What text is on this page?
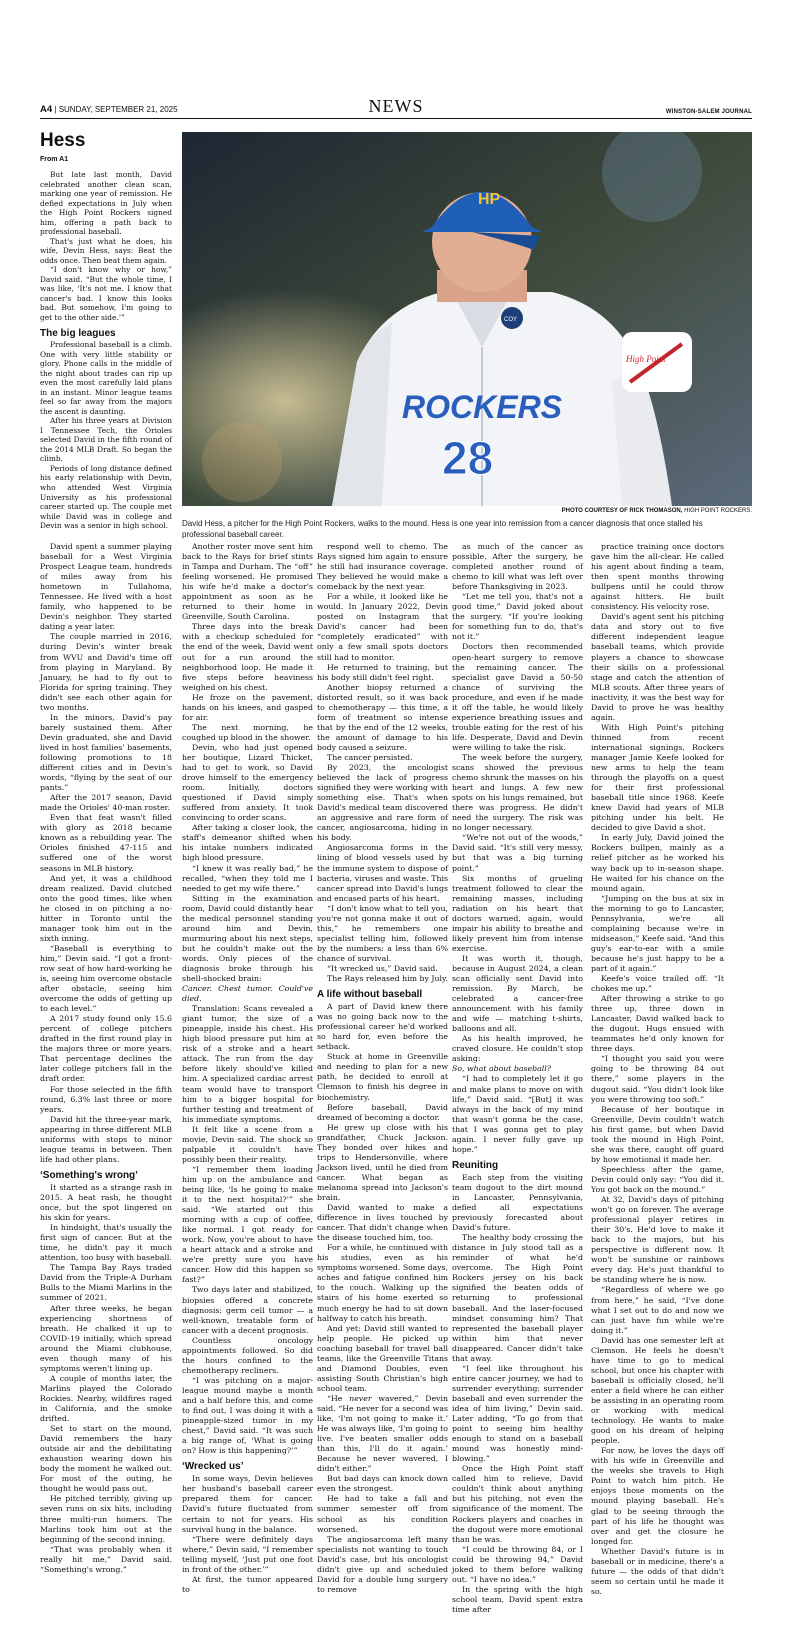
A4 | SUNDAY, SEPTEMBER 21, 2025	NEWS	WINSTON-SALEM JOURNAL
Hess
From A1
HP
ROCKERS
28
COY
High Point
PHOTO COURTESY OF RICK THOMASON, HIGH POINT ROCKERS.
David Hess, a pitcher for the High Point Rockers, walks to the mound. Hess is one year into remission from a cancer diagnosis that once stalled his professional baseball career.

But late last month, David celebrated another clean scan, marking one year of remission. He defied expectations in July when the High Point Rockers signed him, offering a path back to professional baseball.

That's just what he does, his wife, Devin Hess, says: Beat the odds once. Then beat them again.

“I don't know why or how,” David said. “But the whole time, I was like, ‘It's not me. I know that cancer's bad. I know this looks bad. But somehow, I'm going to get to the other side.’”

The big leagues

Professional baseball is a climb. One with very little stability or glory. Phone calls in the middle of the night about trades can rip up even the most carefully laid plans in an instant. Minor league teams feel so far away from the majors the ascent is daunting.

After his three years at Division I Tennessee Tech, the Orioles selected David in the fifth round of the 2014 MLB Draft. So began the climb.

Periods of long distance defined his early relationship with Devin, who attended West Virginia University as his professional career started up. The couple met while David was in college and Devin was a senior in high school.

David spent a summer playing baseball for a West Virginia Prospect League team, hundreds of miles away from his hometown in Tullahoma, Tennessee. He lived with a host family, who happened to be Devin's neighbor. They started dating a year later.

The couple married in 2016, during Devin's winter break from WVU and David's time off from playing in Maryland. By January, he had to fly out to Florida for spring training. They didn't see each other again for two months.

In the minors, David's pay barely sustained them. After Devin graduated, she and David lived in host families' basements, following promotions to 18 different cities and in Devin's words, “flying by the seat of our pants.”

After the 2017 season, David made the Orioles' 40-man roster.

Even that feat wasn't filled with glory as 2018 became known as a rebuilding year. The Orioles finished 47-115 and suffered one of the worst seasons in MLB history.

And yet, it was a childhood dream realized. David clutched onto the good times, like when he closed in on pitching a no-hitter in Toronto until the manager took him out in the sixth inning.

“Baseball is everything to him,” Devin said. “I got a front-row seat of how hard-working he is, seeing him overcome obstacle after obstacle, seeing him overcome the odds of getting up to each level.”

A 2017 study found only 15.6 percent of college pitchers drafted in the first round play in the majors three or more years. That percentage declines the later college pitchers fall in the draft order.

For those selected in the fifth round, 6.3% last three or more years.

David hit the three-year mark, appearing in three different MLB uniforms with stops to minor league teams in between. Then life had other plans.

‘Something's wrong’

It started as a strange rash in 2015. A heat rash, he thought once, but the spot lingered on his skin for years.

In hindsight, that's usually the first sign of cancer. But at the time, he didn't pay it much attention, too busy with baseball.

The Tampa Bay Rays traded David from the Triple-A Durham Bulls to the Miami Marlins in the summer of 2021.

After three weeks, he began experiencing shortness of breath. He chalked it up to COVID-19 initially, which spread around the Miami clubhouse, even though many of his symptoms weren't lining up.

A couple of months later, the Marlins played the Colorado Rockies. Nearby, wildfires raged in California, and the smoke drifted.

Set to start on the mound, David remembers the hazy outside air and the debilitating exhaustion wearing down his body the moment he walked out. For most of the outing, he thought he would pass out.

He pitched terribly, giving up seven runs on six hits, including three multi-run homers. The Marlins took him out at the beginning of the second inning.

“That was probably when it really hit me,” David said. “Something's wrong.”

Another roster move sent him back to the Rays for brief stints in Tampa and Durham. The “off” feeling worsened. He promised his wife he'd make a doctor's appointment as soon as he returned to their home in Greenville, South Carolina.

Three days into the break with a checkup scheduled for the end of the week, David went out for a run around the neighborhood loop. He made it five steps before heaviness weighed on his chest.

He froze on the pavement, hands on his knees, and gasped for air.

The next morning, he coughed up blood in the shower.

Devin, who had just opened her boutique, Lizard Thicket, had to get to work, so David drove himself to the emergency room. Initially, doctors questioned if David simply suffered from anxiety. It took convincing to order scans.

After taking a closer look, the staff's demeanor shifted when his intake numbers indicated high blood pressure.

“I knew it was really bad,” he recalled, “when they told me I needed to get my wife there.”

Sitting in the examination room, David could distantly hear the medical personnel standing around him and Devin, murmuring about his next steps, but he couldn't make out the words. Only pieces of the diagnosis broke through his shell-shocked brain:

Cancer. Chest tumor. Could've died.

Translation: Scans revealed a giant tumor, the size of a pineapple, inside his chest. His high blood pressure put him at risk of a stroke and a heart attack. The run from the day before likely should've killed him. A specialized cardiac arrest team would have to transport him to a bigger hospital for further testing and treatment of his immediate symptoms.

It felt like a scene from a movie, Devin said. The shock so palpable it couldn't have possibly been their reality.

“I remember them loading him up on the ambulance and being like, ‘Is he going to make it to the next hospital?’” she said. “We started out this morning with a cup of coffee, like normal. I got ready for work. Now, you're about to have a heart attack and a stroke and we're pretty sure you have cancer. How did this happen so fast?”

Two days later and stabilized, biopsies offered a concrete diagnosis: germ cell tumor — a well-known, treatable form of cancer with a decent prognosis.

Countless oncology appointments followed. So did the hours confined to the chemotherapy recliners.

“I was pitching on a major-league mound maybe a month and a half before this, and come to find out, I was doing it with a pineapple-sized tumor in my chest,” David said. “It was such a big range of, ‘What is going on? How is this happening?’”

‘Wrecked us’

In some ways, Devin believes her husband's baseball career prepared them for cancer. David's future fluctuated from certain to not for years. His survival hung in the balance.

“There were definitely days where,” Devin said, “I remember telling myself, ‘Just put one foot in front of the other.’”

At first, the tumor appeared to

respond well to chemo. The Rays signed him again to ensure he still had insurance coverage. They believed he would make a comeback by the next year.

For a while, it looked like he would. In January 2022, Devin posted on Instagram that David's cancer had been “completely eradicated” with only a few small spots doctors still had to monitor.

He returned to training, but his body still didn't feel right.

Another biopsy returned a distorted result, so it was back to chemotherapy — this time, a form of treatment so intense that by the end of the 12 weeks, the amount of damage to his body caused a seizure.

The cancer persisted.

By 2023, the oncologist believed the lack of progress signified they were working with something else. That's when David's medical team discovered an aggressive and rare form of cancer, angiosarcoma, hiding in his body.

Angiosarcoma forms in the lining of blood vessels used by the immune system to dispose of bacteria, viruses and waste. This cancer spread into David's lungs and encased parts of his heart.

“I don't know what to tell you, you're not gonna make it out of this,” he remembers one specialist telling him, followed by the numbers: a less than 6% chance of survival.

“It wrecked us,” David said.

The Rays released him by July.

A life without baseball

A part of David knew there was no going back now to the professional career he'd worked so hard for, even before the setback.

Stuck at home in Greenville and needing to plan for a new path, he decided to enroll at Clemson to finish his degree in biochemistry.

Before baseball, David dreamed of becoming a doctor.

He grew up close with his grandfather, Chuck Jackson. They bonded over hikes and trips to Hendersonville, where Jackson lived, until he died from cancer. What began as melanoma spread into Jackson's brain.

David wanted to make a difference in lives touched by cancer. That didn't change when the disease touched him, too.

For a while, he continued with his studies, even as his symptoms worsened. Some days, aches and fatigue confined him to the couch. Walking up the stairs of his home exerted so much energy he had to sit down halfway to catch his breath.

And yet: David still wanted to help people. He picked up coaching baseball for travel ball teams, like the Greenville Titans and Diamond Doubles, even assisting South Christian's high school team.

“He never wavered,” Devin said. “He never for a second was like, ‘I'm not going to make it.’ He was always like, ‘I'm going to live. I've beaten smaller odds than this, I'll do it again.’ Because he never wavered, I didn't either.”

But bad days can knock down even the strongest.

He had to take a fall and summer semester off from school as his condition worsened.

The angiosarcoma left many specialists not wanting to touch David's case, but his oncologist didn't give up and scheduled David for a double lung surgery to remove

as much of the cancer as possible. After the surgery, he completed another round of chemo to kill what was left over before Thanksgiving in 2023.

“Let me tell you, that's not a good time,” David joked about the surgery. “If you're looking for something fun to do, that's not it.”

Doctors then recommended open-heart surgery to remove the remaining cancer. The specialist gave David a 50-50 chance of surviving the procedure, and even if he made it off the table, he would likely experience breathing issues and trouble eating for the rest of his life. Desperate, David and Devin were willing to take the risk.

The week before the surgery, scans showed the previous chemo shrunk the masses on his heart and lungs. A few new spots on his lungs remained, but there was progress. He didn't need the surgery. The risk was no longer necessary.

“We're not out of the woods,” David said. “It's still very messy, but that was a big turning point.”

Six months of grueling treatment followed to clear the remaining masses, including radiation on his heart that doctors warned, again, would impair his ability to breathe and likely prevent him from intense exercise.

It was worth it, though, because in August 2024, a clean scan officially sent David into remission. By March, he celebrated a cancer-free announcement with his family and wife — matching t-shirts, balloons and all.

As his health improved, he craved closure. He couldn't stop asking:

So, what about baseball?

“I had to completely let it go and make plans to move on with life,” David said. “[But] it was always in the back of my mind that wasn't gonna be the case, that I was gonna get to play again. I never fully gave up hope.”

Reuniting

Each step from the visiting team dugout to the dirt mound in Lancaster, Pennsylvania, defied all expectations previously forecasted about David's future.

The healthy body crossing the distance in July stood tall as a reminder of what he'd overcome. The High Point Rockers jersey on his back signified the beaten odds of returning to professional baseball. And the laser-focused mindset consuming him? That represented the baseball player within him that never disappeared. Cancer didn't take that away.

“I feel like throughout his entire cancer journey, we had to surrender everything: surrender baseball and even surrender the idea of him living,” Devin said. Later adding, “To go from that point to seeing him healthy enough to stand on a baseball mound was honestly mind-blowing.”

Once the High Point staff called him to relieve, David couldn't think about anything but his pitching, not even the significance of the moment. The Rockers players and coaches in the dugout were more emotional than he was.

“I could be throwing 84, or I could be throwing 94,” David joked to them before walking out. “I have no idea.”

In the spring with the high school team, David spent extra time after

practice training once doctors gave him the all-clear. He called his agent about finding a team, then spent months throwing bullpens until he could throw against hitters. He built consistency. His velocity rose.

David's agent sent his pitching data and story out to five different independent league baseball teams, which provide players a chance to showcase their skills on a professional stage and catch the attention of MLB scouts. After three years of inactivity, it was the best way for David to prove he was healthy again.

With High Point's pitching thinned from recent international signings, Rockers manager Jamie Keefe looked for new arms to help the team through the playoffs on a quest for their first professional baseball title since 1968. Keefe knew David had years of MLB pitching under his belt. He decided to give David a shot.

In early July, David joined the Rockers bullpen, mainly as a relief pitcher as he worked his way back up to in-season shape. He waited for his chance on the mound again.

“Jumping on the bus at six in the morning to go to Lancaster, Pennsylvania, we're all complaining because we're in midseason,” Keefe said. “And this guy's ear-to-ear with a smile because he's just happy to be a part of it again.”

Keefe's voice trailed off. “It chokes me up.”

After throwing a strike to go three up, three down in Lancaster, David walked back to the dugout. Hugs ensued with teammates he'd only known for three days.

“I thought you said you were going to be throwing 84 out there,” some players in the dugout said. “You didn't look like you were throwing too soft.”

Because of her boutique in Greenville, Devin couldn't watch his first game, but when David took the mound in High Point, she was there, caught off guard by how emotional it made her.

Speechless after the game, Devin could only say: “You did it. You got back on the mound.”

At 32, David's days of pitching won't go on forever. The average professional player retires in their 30's. He'd love to make it back to the majors, but his perspective is different now. It won't be sunshine or rainbows every day. He's just thankful to be standing where he is now.

“Regardless of where we go from here,” he said, “I've done what I set out to do and now we can just have fun while we're doing it.”

David has one semester left at Clemson. He feels he doesn't have time to go to medical school, but once his chapter with baseball is officially closed, he'll enter a field where he can either be assisting in an operating room or working with medical technology. He wants to make good on his dream of helping people.

For now, he loves the days off with his wife in Greenville and the weeks she travels to High Point to watch him pitch. He enjoys those moments on the mound playing baseball. He's glad to be seeing through the part of his life he thought was over and get the closure he longed for.

Whether David's future is in baseball or in medicine, there's a future — the odds of that didn't seem so certain until he made it so.
